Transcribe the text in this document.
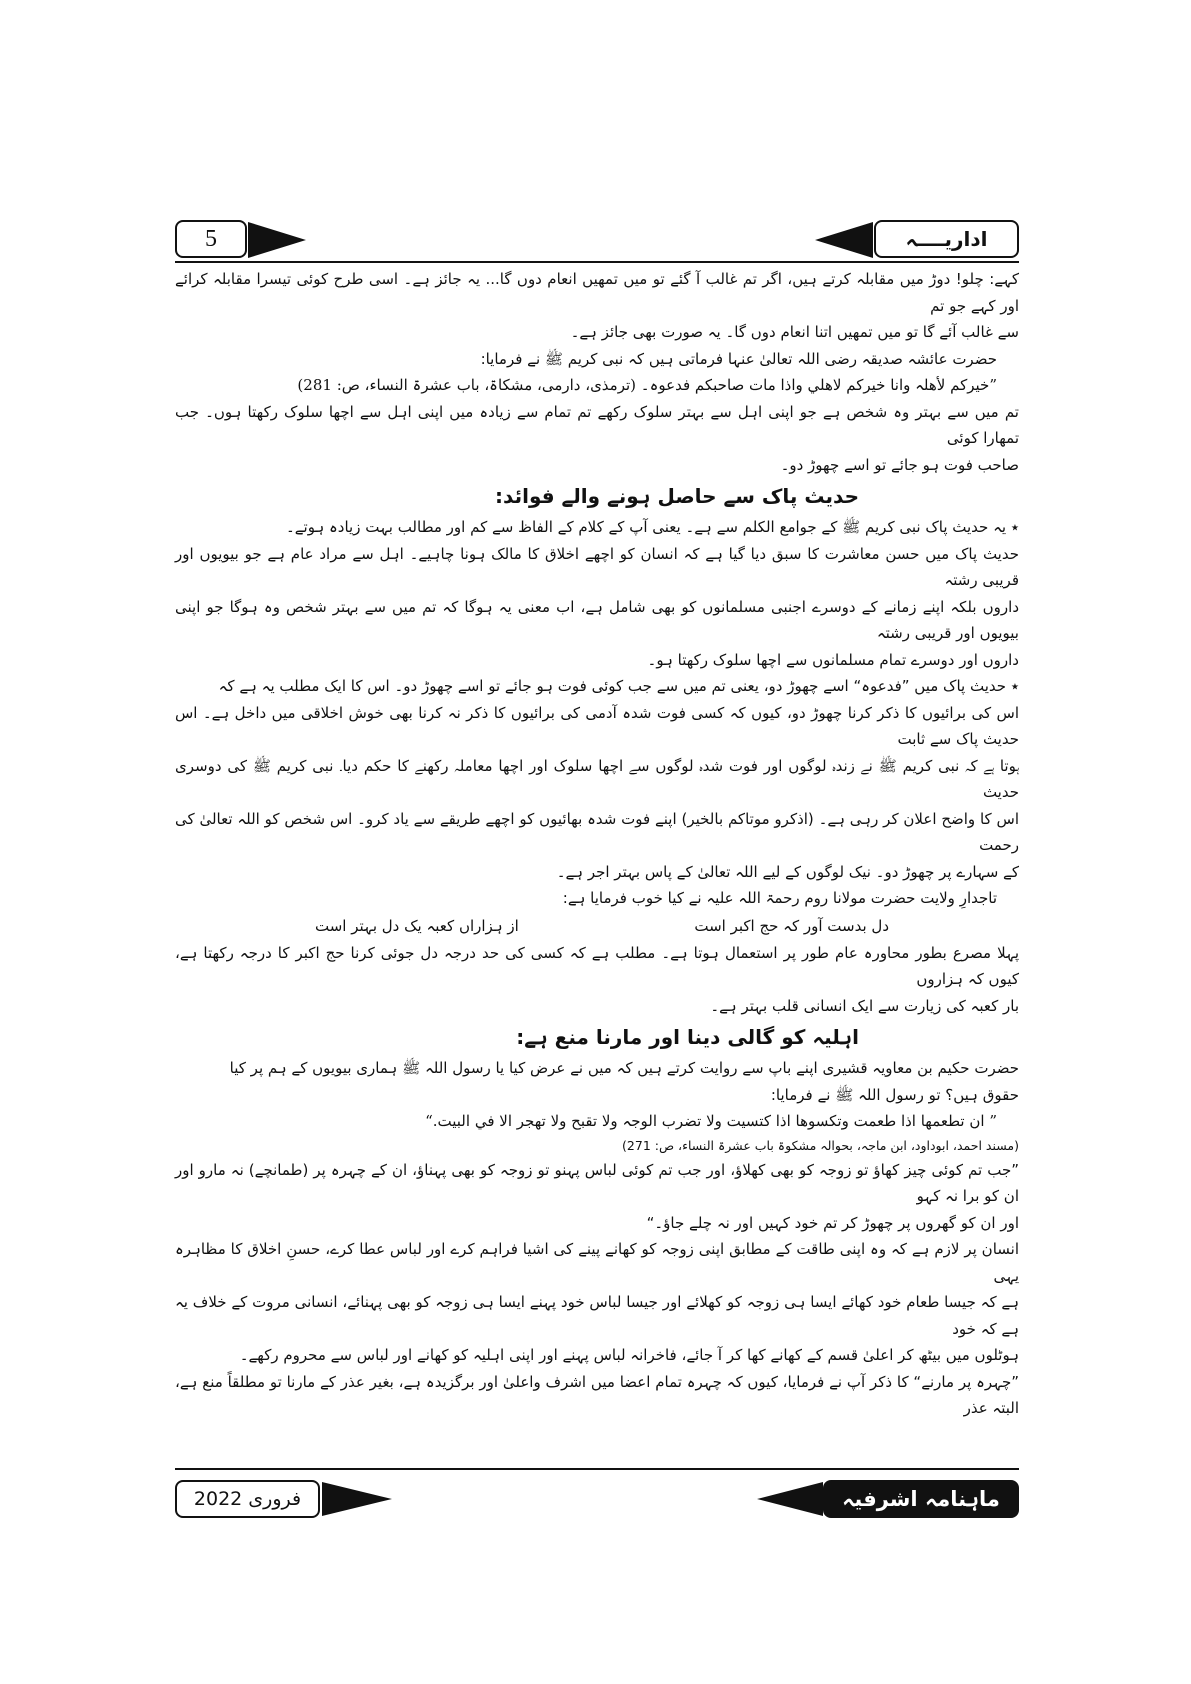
5	اداریــــہ

کہے: چلو! دوڑ میں مقابلہ کرتے ہیں، اگر تم غالب آ گئے تو میں تمھیں انعام دوں گا... یہ جائز ہے۔ اسی طرح کوئی تیسرا مقابلہ کرائے اور کہے جو تم

سے غالب آئے گا تو میں تمھیں اتنا انعام دوں گا۔ یہ صورت بھی جائز ہے۔

حضرت عائشہ صدیقہ رضی اللہ تعالیٰ عنہا فرماتی ہیں کہ نبی کریم ﷺ نے فرمایا:

”خیرکم لأھلہ وانا خیرکم لاھلي واذا مات صاحبکم فدعوہ۔ (ترمذی، دارمی، مشکاۃ، باب عشرۃ النساء، ص: 281)

تم میں سے بہتر وہ شخص ہے جو اپنی اہل سے بہتر سلوک رکھے تم تمام سے زیادہ میں اپنی اہل سے اچھا سلوک رکھتا ہوں۔ جب تمھارا کوئی

صاحب فوت ہو جائے تو اسے چھوڑ دو۔

حدیث پاک سے حاصل ہونے والے فوائد:

٭ یہ حدیث پاک نبی کریم ﷺ کے جوامع الکلم سے ہے۔ یعنی آپ کے کلام کے الفاظ سے کم اور مطالب بہت زیادہ ہوتے۔

حدیث پاک میں حسن معاشرت کا سبق دیا گیا ہے کہ انسان کو اچھے اخلاق کا مالک ہونا چاہیے۔ اہل سے مراد عام ہے جو بیویوں اور قریبی رشتہ

داروں بلکہ اپنے زمانے کے دوسرے اجنبی مسلمانوں کو بھی شامل ہے، اب معنی یہ ہوگا کہ تم میں سے بہتر شخص وہ ہوگا جو اپنی بیویوں اور قریبی رشتہ

داروں اور دوسرے تمام مسلمانوں سے اچھا سلوک رکھتا ہو۔

٭ حدیث پاک میں ”فدعوہ“ اسے چھوڑ دو، یعنی تم میں سے جب کوئی فوت ہو جائے تو اسے چھوڑ دو۔ اس کا ایک مطلب یہ ہے کہ

اس کی برائیوں کا ذکر کرنا چھوڑ دو، کیوں کہ کسی فوت شدہ آدمی کی برائیوں کا ذکر نہ کرنا بھی خوش اخلاقی میں داخل ہے۔ اس حدیث پاک سے ثابت

ہوتا ہے کہ نبی کریم ﷺ نے زندہ لوگوں اور فوت شدہ لوگوں سے اچھا سلوک اور اچھا معاملہ رکھنے کا حکم دیا۔ نبی کریم ﷺ کی دوسری حدیث

اس کا واضح اعلان کر رہی ہے۔ (اذکرو موتاکم بالخیر) اپنے فوت شدہ بھائیوں کو اچھے طریقے سے یاد کرو۔ اس شخص کو اللہ تعالیٰ کی رحمت

کے سہارے پر چھوڑ دو۔ نیک لوگوں کے لیے اللہ تعالیٰ کے پاس بہتر اجر ہے۔

تاجدارِ ولایت حضرت مولانا روم رحمۃ اللہ علیہ نے کیا خوب فرمایا ہے:

دل بدست آور کہ حج اکبر است
از ہزاراں کعبہ یک دل بہتر است

پہلا مصرع بطور محاورہ عام طور پر استعمال ہوتا ہے۔ مطلب ہے کہ کسی کی حد درجہ دل جوئی کرنا حج اکبر کا درجہ رکھتا ہے، کیوں کہ ہزاروں

بار کعبہ کی زیارت سے ایک انسانی قلب بہتر ہے۔

اہلیہ کو گالی دینا اور مارنا منع ہے:

حضرت حکیم بن معاویہ قشیری اپنے باپ سے روایت کرتے ہیں کہ میں نے عرض کیا یا رسول اللہ ﷺ ہماری بیویوں کے ہم پر کیا

حقوق ہیں؟ تو رسول اللہ ﷺ نے فرمایا:

” ان تطعمھا اذا طعمت وتکسوھا اذا کتسیت ولا تضرب الوجہ ولا تقبح ولا تھجر الا في البیت.“

(مسند احمد، ابوداود، ابن ماجہ، بحوالہ مشکوۃ باب عشرۃ النساء، ص: 271)

”جب تم کوئی چیز کھاؤ تو زوجہ کو بھی کھلاؤ، اور جب تم کوئی لباس پہنو تو زوجہ کو بھی پہناؤ، ان کے چہرہ پر (طمانچے) نہ مارو اور ان کو برا نہ کہو

اور ان کو گھروں پر چھوڑ کر تم خود کہیں اور نہ چلے جاؤ۔“

انسان پر لازم ہے کہ وہ اپنی طاقت کے مطابق اپنی زوجہ کو کھانے پینے کی اشیا فراہم کرے اور لباس عطا کرے، حسنِ اخلاق کا مظاہرہ یہی

ہے کہ جیسا طعام خود کھائے ایسا ہی زوجہ کو کھلائے اور جیسا لباس خود پہنے ایسا ہی زوجہ کو بھی پہنائے، انسانی مروت کے خلاف یہ ہے کہ خود

ہوٹلوں میں بیٹھ کر اعلیٰ قسم کے کھانے کھا کر آ جائے، فاخرانہ لباس پہنے اور اپنی اہلیہ کو کھانے اور لباس سے محروم رکھے۔

”چہرہ پر مارنے“ کا ذکر آپ نے فرمایا، کیوں کہ چہرہ تمام اعضا میں اشرف واعلیٰ اور برگزیدہ ہے، بغیر عذر کے مارنا تو مطلقاً منع ہے، البتہ عذر

فروری 2022	ماہنامہ اشرفیہ
